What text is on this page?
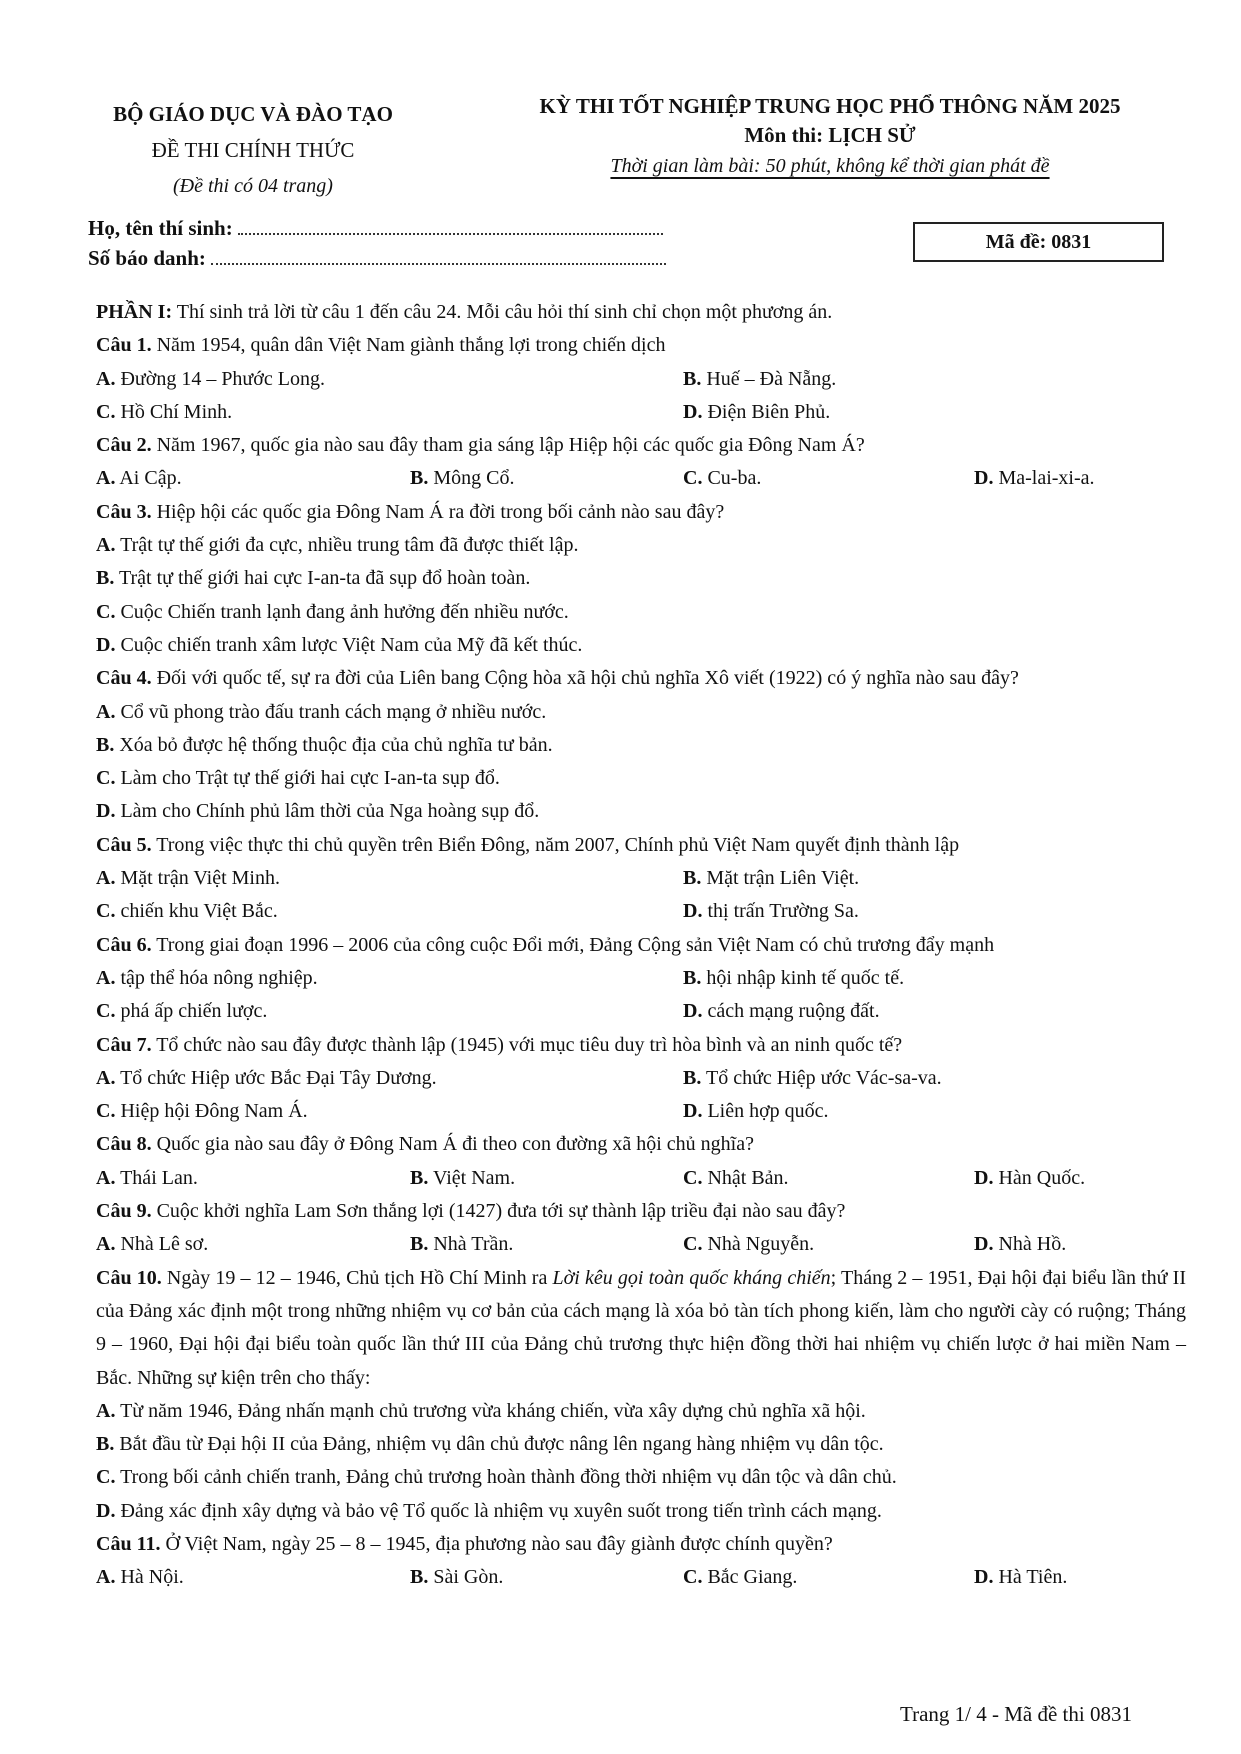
BỘ GIÁO DỤC VÀ ĐÀO TẠO
ĐỀ THI CHÍNH THỨC
(Đề thi có 04 trang)
KỲ THI TỐT NGHIỆP TRUNG HỌC PHỔ THÔNG NĂM 2025
Môn thi: LỊCH SỬ
Thời gian làm bài: 50 phút, không kể thời gian phát đề
Họ, tên thí sinh:
Số báo danh:
Mã đề: 0831
PHẦN I: Thí sinh trả lời từ câu 1 đến câu 24. Mỗi câu hỏi thí sinh chỉ chọn một phương án.
Câu 1. Năm 1954, quân dân Việt Nam giành thắng lợi trong chiến dịch
A. Đường 14 – Phước Long.	B. Huế – Đà Nẵng.
C. Hồ Chí Minh.	D. Điện Biên Phủ.
Câu 2. Năm 1967, quốc gia nào sau đây tham gia sáng lập Hiệp hội các quốc gia Đông Nam Á?
A. Ai Cập.	B. Mông Cổ.	C. Cu-ba.	D. Ma-lai-xi-a.
Câu 3. Hiệp hội các quốc gia Đông Nam Á ra đời trong bối cảnh nào sau đây?
A. Trật tự thế giới đa cực, nhiều trung tâm đã được thiết lập.
B. Trật tự thế giới hai cực I-an-ta đã sụp đổ hoàn toàn.
C. Cuộc Chiến tranh lạnh đang ảnh hưởng đến nhiều nước.
D. Cuộc chiến tranh xâm lược Việt Nam của Mỹ đã kết thúc.
Câu 4. Đối với quốc tế, sự ra đời của Liên bang Cộng hòa xã hội chủ nghĩa Xô viết (1922) có ý nghĩa nào sau đây?
A. Cổ vũ phong trào đấu tranh cách mạng ở nhiều nước.
B. Xóa bỏ được hệ thống thuộc địa của chủ nghĩa tư bản.
C. Làm cho Trật tự thế giới hai cực I-an-ta sụp đổ.
D. Làm cho Chính phủ lâm thời của Nga hoàng sụp đổ.
Câu 5. Trong việc thực thi chủ quyền trên Biển Đông, năm 2007, Chính phủ Việt Nam quyết định thành lập
A. Mặt trận Việt Minh.	B. Mặt trận Liên Việt.
C. chiến khu Việt Bắc.	D. thị trấn Trường Sa.
Câu 6. Trong giai đoạn 1996 – 2006 của công cuộc Đổi mới, Đảng Cộng sản Việt Nam có chủ trương đẩy mạnh
A. tập thể hóa nông nghiệp.	B. hội nhập kinh tế quốc tế.
C. phá ấp chiến lược.	D. cách mạng ruộng đất.
Câu 7. Tổ chức nào sau đây được thành lập (1945) với mục tiêu duy trì hòa bình và an ninh quốc tế?
A. Tổ chức Hiệp ước Bắc Đại Tây Dương.	B. Tổ chức Hiệp ước Vác-sa-va.
C. Hiệp hội Đông Nam Á.	D. Liên hợp quốc.
Câu 8. Quốc gia nào sau đây ở Đông Nam Á đi theo con đường xã hội chủ nghĩa?
A. Thái Lan.	B. Việt Nam.	C. Nhật Bản.	D. Hàn Quốc.
Câu 9. Cuộc khởi nghĩa Lam Sơn thắng lợi (1427) đưa tới sự thành lập triều đại nào sau đây?
A. Nhà Lê sơ.	B. Nhà Trần.	C. Nhà Nguyễn.	D. Nhà Hồ.
Câu 10. Ngày 19 – 12 – 1946, Chủ tịch Hồ Chí Minh ra Lời kêu gọi toàn quốc kháng chiến; Tháng 2 – 1951, Đại hội đại biểu lần thứ II của Đảng xác định một trong những nhiệm vụ cơ bản của cách mạng là xóa bỏ tàn tích phong kiến, làm cho người cày có ruộng; Tháng 9 – 1960, Đại hội đại biểu toàn quốc lần thứ III của Đảng chủ trương thực hiện đồng thời hai nhiệm vụ chiến lược ở hai miền Nam – Bắc. Những sự kiện trên cho thấy:
A. Từ năm 1946, Đảng nhấn mạnh chủ trương vừa kháng chiến, vừa xây dựng chủ nghĩa xã hội.
B. Bắt đầu từ Đại hội II của Đảng, nhiệm vụ dân chủ được nâng lên ngang hàng nhiệm vụ dân tộc.
C. Trong bối cảnh chiến tranh, Đảng chủ trương hoàn thành đồng thời nhiệm vụ dân tộc và dân chủ.
D. Đảng xác định xây dựng và bảo vệ Tổ quốc là nhiệm vụ xuyên suốt trong tiến trình cách mạng.
Câu 11. Ở Việt Nam, ngày 25 – 8 – 1945, địa phương nào sau đây giành được chính quyền?
A. Hà Nội.	B. Sài Gòn.	C. Bắc Giang.	D. Hà Tiên.
Trang 1/ 4 - Mã đề thi 0831
